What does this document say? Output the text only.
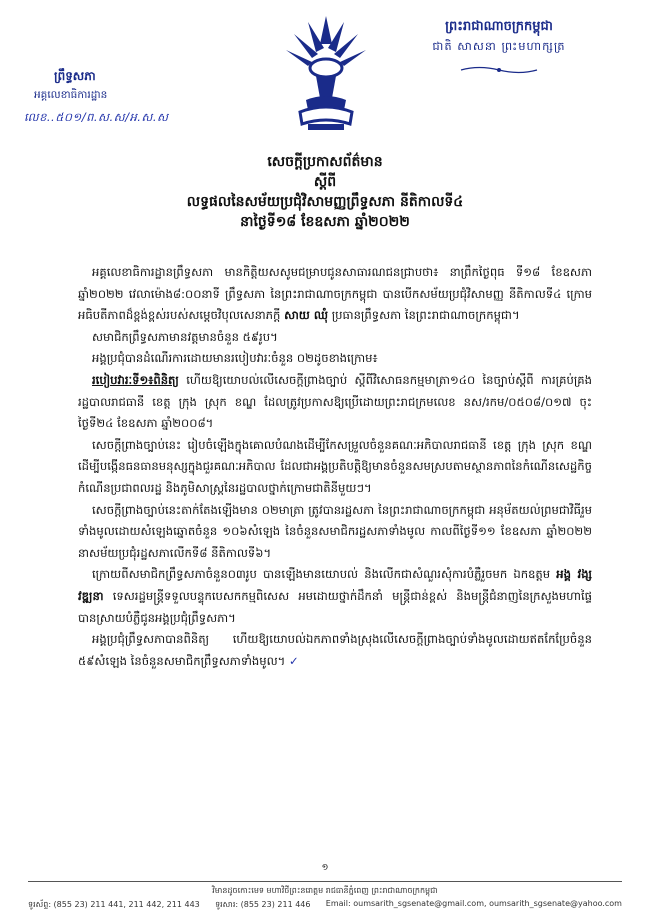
ព្រះរាជាណាចក្រកម្ពុជា
ជាតិ សាសនា ព្រះមហាក្សត្រ
ព្រឹទ្ធសភា
អគ្គលេខាធិការដ្ឋាន
លេខ..៥០១/ព.ស.ស/អ.ស.ស
សេចក្តីប្រកាសព័ត៌មាន
ស្តីពី
លទ្ធផលនៃសម័យប្រជុំវិសាមញ្ញព្រឹទ្ធសភា នីតិកាលទី៤
នាថ្ងៃទី១៨ ខែឧសភា ឆ្នាំ២០២២

អគ្គលេខាធិការដ្ឋានព្រឹទ្ធសភា មានកិត្តិយសសូមជម្រាបជូនសាធារណជនជ្រាបថា៖ នាព្រឹកថ្ងៃពុធ ទី១៨ ខែឧសភា ឆ្នាំ២០២២ វេលាម៉ោង៨:០០នាទី ព្រឹទ្ធសភា នៃព្រះរាជាណាចក្រកម្ពុជា បានបើកសម័យប្រជុំវិសាមញ្ញ នីតិកាលទី៤ ក្រោមអធិបតីភាពដ៏ខ្ពង់ខ្ពស់របស់សម្តេចវិបុលសេនាភក្តី សាយ ឈុំ ប្រធានព្រឹទ្ធសភា នៃព្រះរាជាណាចក្រកម្ពុជា។

សមាជិកព្រឹទ្ធសភាមានវត្តមានចំនួន ៥៩រូប។

អង្គប្រជុំបានដំណើរការដោយមានរបៀបវារៈចំនួន ០២ដូចខាងក្រោម៖

របៀបវារៈទី១៖ពិនិត្យ ហើយឱ្យយោបល់លើសេចក្តីព្រាងច្បាប់ ស្តីពីវិសោធនកម្មមាត្រា១៤០ នៃច្បាប់ស្តីពី ការគ្រប់គ្រងរដ្ឋបាលរាជធានី ខេត្ត ក្រុង ស្រុក ខណ្ឌ ដែលត្រូវប្រកាសឱ្យប្រើដោយព្រះរាជក្រមលេខ នស/រកម/០៥០៨/០១៧ ចុះថ្ងៃទី២៤ ខែឧសភា ឆ្នាំ២០០៨។

សេចក្តីព្រាងច្បាប់នេះ រៀបចំឡើងក្នុងគោលបំណងដើម្បីកែសម្រួលចំនួនគណៈអភិបាលរាជធានី ខេត្ត ក្រុង ស្រុក ខណ្ឌ ដើម្បីបង្កើនធនធានមនុស្សក្នុងជួរគណៈអភិបាល ដែលជាអង្គប្រតិបត្តិឱ្យមានចំនួនសមស្របតាមស្ថានភាពនៃកំណើនសេដ្ឋកិច្ច កំណើនប្រជាពលរដ្ឋ និងភូមិសាស្ត្រនៃរដ្ឋបាលថ្នាក់ក្រោមជាតិនីមួយៗ។

សេចក្តីព្រាងច្បាប់នេះតាក់តែងឡើងមាន ០២មាត្រា ត្រូវបានរដ្ឋសភា នៃព្រះរាជាណាចក្រកម្ពុជា អនុម័តយល់ព្រមជាវិធីរួមទាំងមូលដោយសំឡេងឆ្នោតចំនួន ១០៦សំឡេង នៃចំនួនសមាជិករដ្ឋសភាទាំងមូល កាលពីថ្ងៃទី១១ ខែឧសភា ឆ្នាំ២០២២ នាសម័យប្រជុំរដ្ឋសភាលើកទី៨ នីតិកាលទី៦។

ក្រោយពីសមាជិកព្រឹទ្ធសភាចំនួន០៣រូប បានឡើងមានយោបល់ និងលើកជាសំណួរសុំការបំភ្លឺរួចមក ឯកឧត្តម អង្គ វង្ស វឌ្ឍនា ទេសរដ្ឋមន្ត្រីទទួលបន្ទុកបេសកកម្មពិសេស អមដោយថ្នាក់ដឹកនាំ មន្ត្រីជាន់ខ្ពស់ និងមន្ត្រីជំនាញនៃក្រសួងមហាផ្ទៃ បានស្រាយបំភ្លឺជូនអង្គប្រជុំព្រឹទ្ធសភា។

អង្គប្រជុំព្រឹទ្ធសភាបានពិនិត្យ ហើយឱ្យយោបល់ឯកភាពទាំងស្រុងលើសេចក្តីព្រាងច្បាប់ទាំងមូលដោយឥតកែប្រែចំនួន ៥៩សំឡេង នៃចំនួនសមាជិកព្រឹទ្ធសភាទាំងមូល។ ✓

១
វិមានដូចកោះមេទ មហាវិថីព្រះនរោត្តម រាជធានីភ្នំពេញ ព្រះរាជាណាចក្រកម្ពុជា
ទូរស័ព្ទ: (855 23) 211 441, 211 442, 211 443 ទូរសារ: (855 23) 211 446 Email: oumsarith_sgsenate@gmail.com, oumsarith_sgsenate@yahoo.com
